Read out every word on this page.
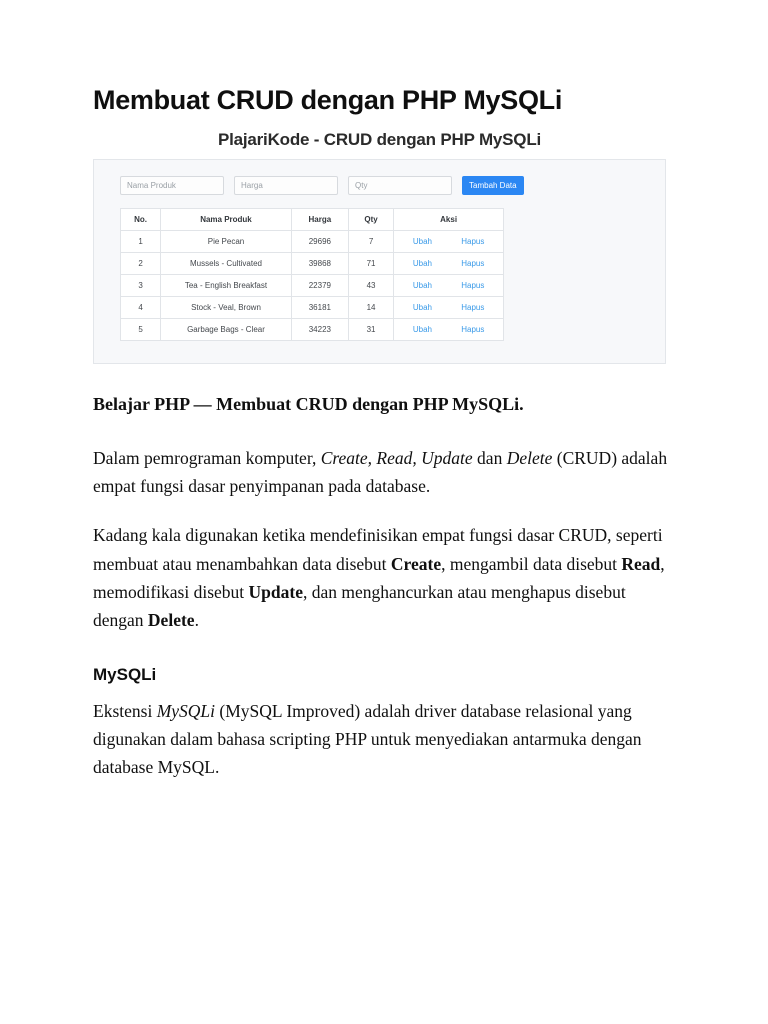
Membuat CRUD dengan PHP MySQLi
PlajariKode - CRUD dengan PHP MySQLi
Nama Produk	Harga	Qty	Tambah Data
No.	Nama Produk	Harga	Qty	Aksi
1	Pie Pecan	29696	7	Ubah Hapus

2	Mussels - Cultivated	39868	71	Ubah Hapus

3	Tea - English Breakfast	22379	43	Ubah Hapus

4	Stock - Veal, Brown	36181	14	Ubah Hapus

5	Garbage Bags - Clear	34223	31	Ubah Hapus

Belajar PHP — Membuat CRUD dengan PHP MySQLi.

Dalam pemrograman komputer, Create, Read, Update dan Delete (CRUD) adalah empat fungsi dasar penyimpanan pada database.

Kadang kala digunakan ketika mendefinisikan empat fungsi dasar CRUD, seperti membuat atau menambahkan data disebut Create, mengambil data disebut Read, memodifikasi disebut Update, dan menghancurkan atau menghapus disebut dengan Delete.

MySQLi

Ekstensi MySQLi (MySQL Improved) adalah driver database relasional yang digunakan dalam bahasa scripting PHP untuk menyediakan antarmuka dengan database MySQL.
